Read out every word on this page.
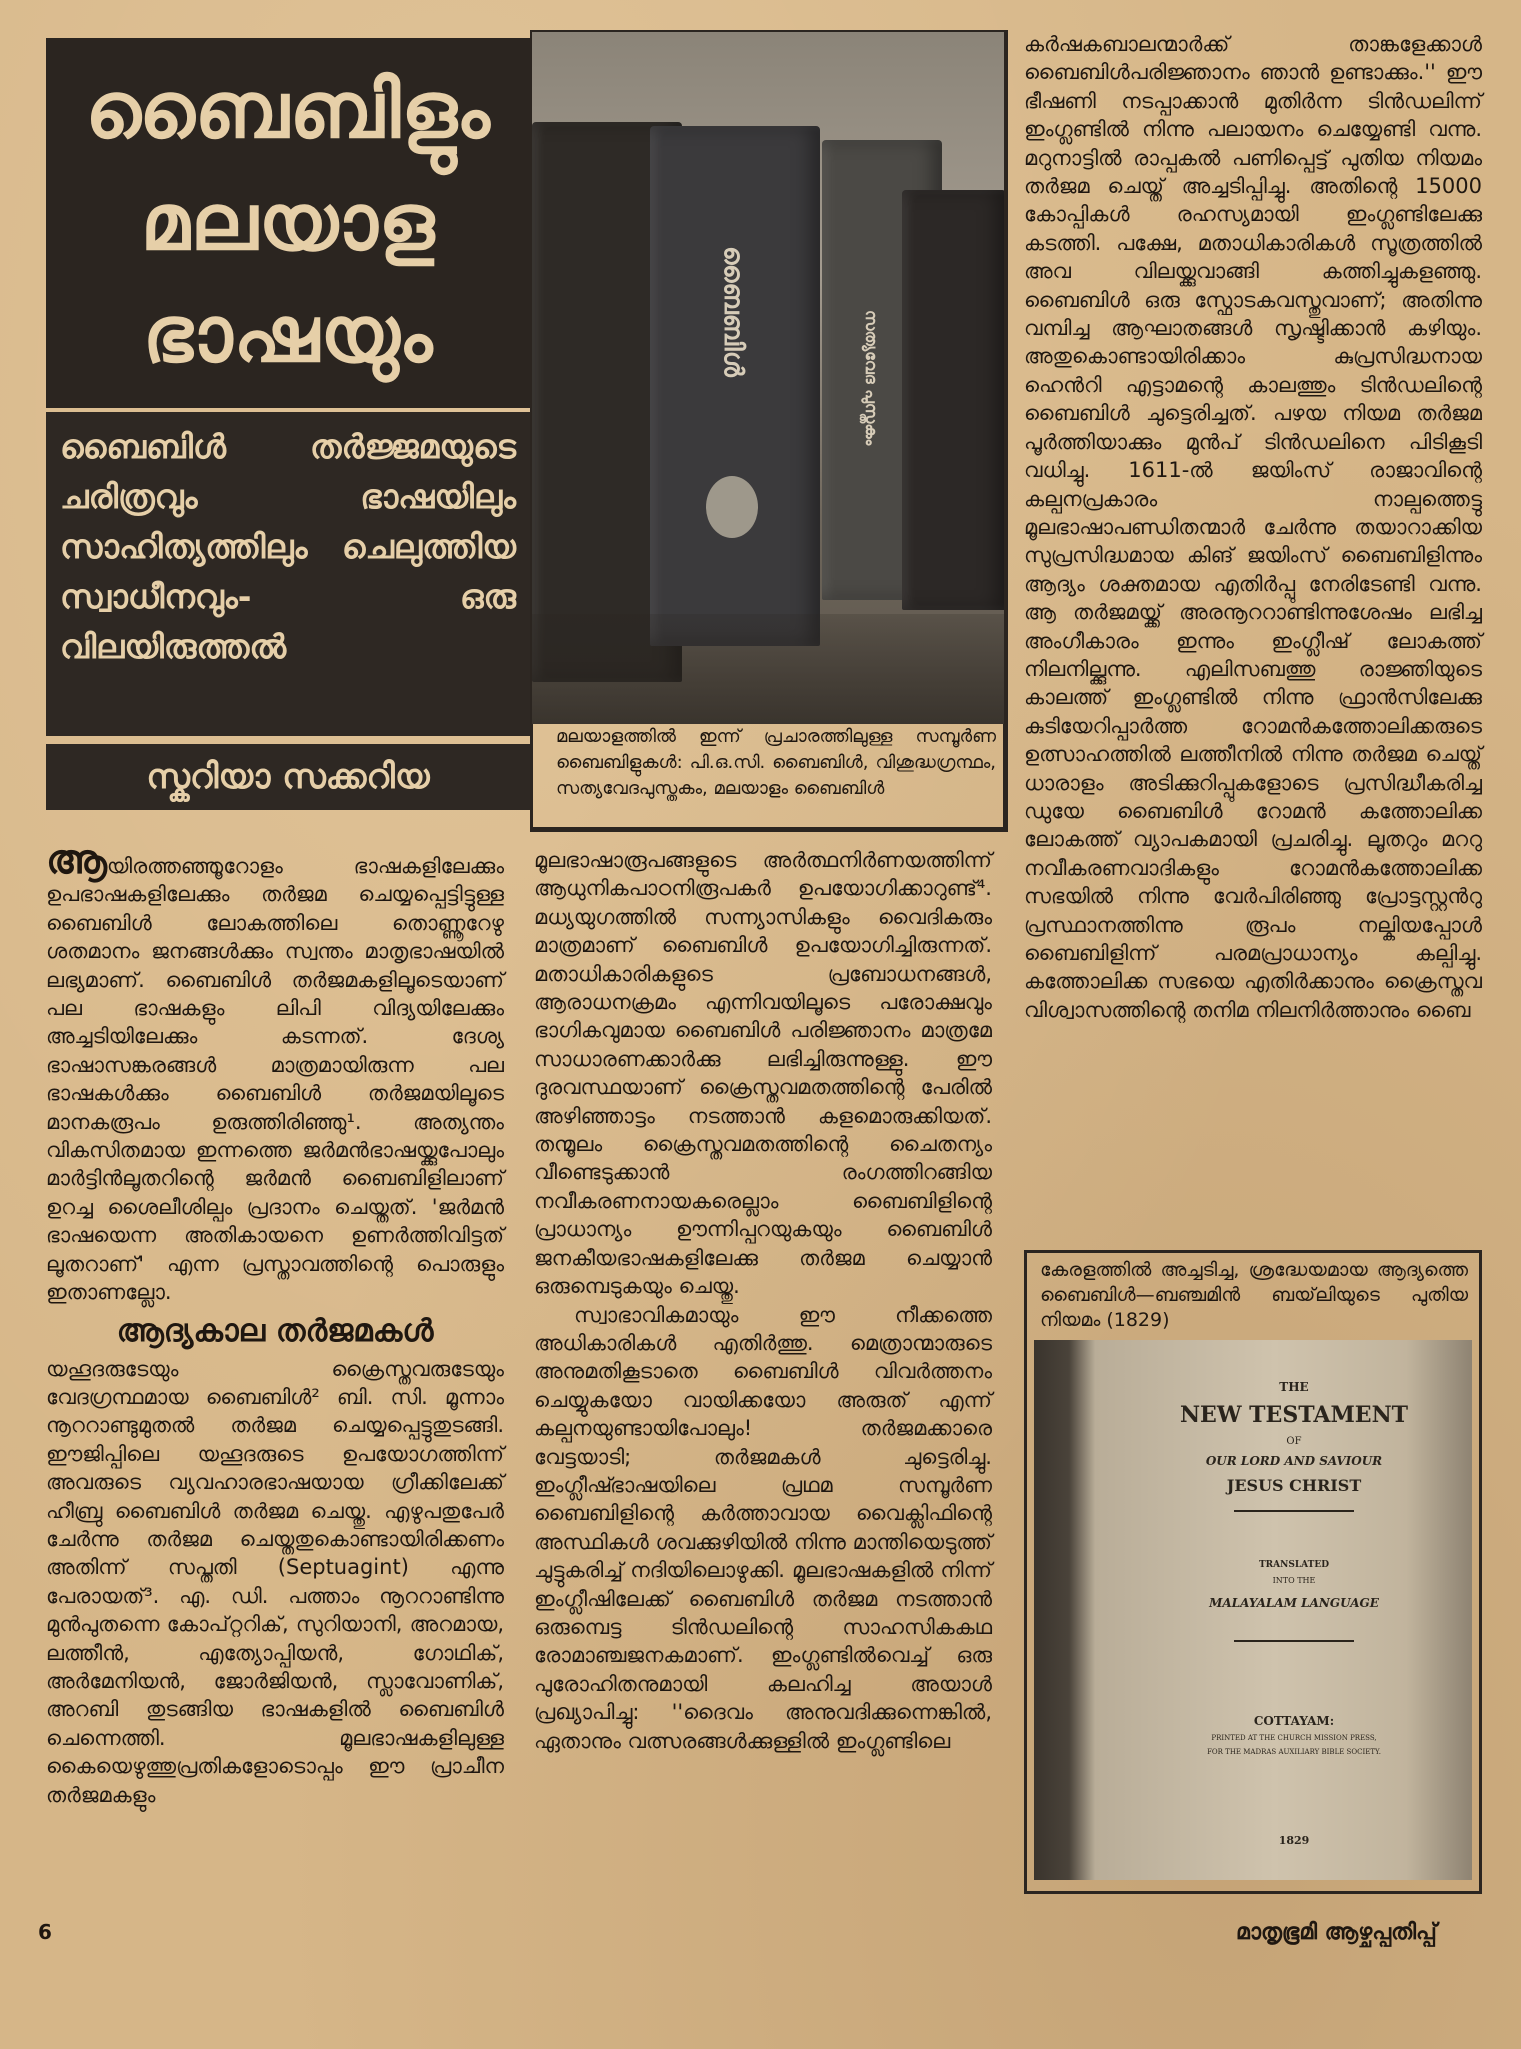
ബൈബിളും
മലയാള
ഭാഷയും

ബൈബിൾ തർജ്ജമയുടെ ചരിത്രവും ഭാഷയിലും സാഹിത്യത്തിലും ചെലുത്തിയ സ്വാധീനവും- ഒരു വിലയിരുത്തൽ

സ്കറിയാ സക്കറിയ
ബൈബിൾ	സത്യവേദ പുസ്തകം
മലയാളത്തിൽ ഇന്ന് പ്രചാരത്തിലുള്ള സമ്പൂർണ ബൈബിളുകൾ: പി.ഒ.സി. ബൈബിൾ, വിശുദ്ധഗ്രന്ഥം, സത്യവേദപുസ്തകം, മലയാളം ബൈബിൾ

ആയിരത്തഞ്ഞൂറോളം ഭാഷകളിലേക്കും ഉപഭാഷകളിലേക്കും തർജമ ചെയ്യപ്പെട്ടിട്ടുള്ള ബൈബിൾ ലോകത്തിലെ തൊണ്ണൂറേഴു ശതമാനം ജനങ്ങൾക്കും സ്വന്തം മാതൃഭാഷയിൽ ലഭ്യമാണ്. ബൈബിൾ തർജമകളിലൂടെയാണ് പല ഭാഷകളും ലിപി വിദ്യയിലേക്കും അച്ചടിയിലേക്കും കടന്നത്. ദേശ്യ ഭാഷാസങ്കരങ്ങൾ മാത്രമായിരുന്ന പല ഭാഷകൾക്കും ബൈബിൾ തർജമയിലൂടെ മാനകരൂപം ഉരുത്തിരിഞ്ഞു¹. അത്യന്തം വികസിതമായ ഇന്നത്തെ ജർമൻഭാഷയ്ക്കുപോലും മാർട്ടിൻലൂതറിന്റെ ജർമൻ ബൈബിളിലാണ് ഉറച്ച ശൈലീശില്പം പ്രദാനം ചെയ്തത്. 'ജർമൻ ഭാഷയെന്ന അതികായനെ ഉണർത്തിവിട്ടത് ലൂതറാണ്' എന്ന പ്രസ്താവത്തിന്റെ പൊരുളും ഇതാണല്ലോ.

ആദ്യകാല തർജമകൾ

യഹൂദരുടേയും ക്രൈസ്തവരുടേയും വേദഗ്രന്ഥമായ ബൈബിൾ² ബി. സി. മൂന്നാം നൂററാണ്ടുമുതൽ തർജമ ചെയ്യപ്പെട്ടുതുടങ്ങി. ഈജിപ്പിലെ യഹൂദരുടെ ഉപയോഗത്തിന്ന് അവരുടെ വ്യവഹാരഭാഷയായ ഗ്രീക്കിലേക്ക് ഹീബ്രു ബൈബിൾ തർജമ ചെയ്തു. എഴുപതുപേർ ചേർന്നു തർജമ ചെയ്തതുകൊണ്ടായിരിക്കണം അതിന്ന് സപ്തതി (Septuagint) എന്നു പേരായത്³. എ. ഡി. പത്താം നൂററാണ്ടിന്നു മുൻപുതന്നെ കോപ്റ്ററിക്, സുറിയാനി, അറമായ, ലത്തീൻ, എത്യോപ്പിയൻ, ഗോഥിക്, അർമേനിയൻ, ജോർജിയൻ, സ്ലാവോണിക്, അറബി തുടങ്ങിയ ഭാഷകളിൽ ബൈബിൾ ചെന്നെത്തി. മൂലഭാഷകളിലുള്ള കൈയെഴുത്തുപ്രതികളോടൊപ്പം ഈ പ്രാചീന തർജമകളും

മൂലഭാഷാരൂപങ്ങളുടെ അർത്ഥനിർണയത്തിന്ന് ആധുനികപാഠനിരൂപകർ ഉപയോഗിക്കാറുണ്ട്⁴. മധ്യയുഗത്തിൽ സന്ന്യാസികളും വൈദികരും മാത്രമാണ് ബൈബിൾ ഉപയോഗിച്ചിരുന്നത്. മതാധികാരികളുടെ പ്രബോധനങ്ങൾ, ആരാധനക്രമം എന്നിവയിലൂടെ പരോക്ഷവും ഭാഗികവുമായ ബൈബിൾ പരിജ്ഞാനം മാത്രമേ സാധാരണക്കാർക്കു ലഭിച്ചിരുന്നുള്ളു. ഈ ദുരവസ്ഥയാണ് ക്രൈസ്തവമതത്തിന്റെ പേരിൽ അഴിഞ്ഞാട്ടം നടത്താൻ കളമൊരുക്കിയത്. തന്മൂലം ക്രൈസ്തവമതത്തിന്റെ ചൈതന്യം വീണ്ടെടുക്കാൻ രംഗത്തിറങ്ങിയ നവീകരണനായകരെല്ലാം ബൈബിളിന്റെ പ്രാധാന്യം ഊന്നിപ്പറയുകയും ബൈബിൾ ജനകീയഭാഷകളിലേക്കു തർജമ ചെയ്യാൻ ഒരുമ്പെടുകയും ചെയ്തു.

സ്വാഭാവികമായും ഈ നീക്കത്തെ അധികാരികൾ എതിർത്തു. മെത്രാന്മാരുടെ അനുമതികൂടാതെ ബൈബിൾ വിവർത്തനം ചെയ്യുകയോ വായിക്കയോ അരുത് എന്ന് കല്പനയുണ്ടായിപോലും! തർജമക്കാരെ വേട്ടയാടി; തർജമകൾ ചുട്ടെരിച്ചു. ഇംഗ്ലീഷ്ഭാഷയിലെ പ്രഥമ സമ്പൂർണ ബൈബിളിന്റെ കർത്താവായ വൈക്ലിഫിന്റെ അസ്ഥികൾ ശവക്കുഴിയിൽ നിന്നു മാന്തിയെടുത്ത് ചുട്ടുകരിച്ച് നദിയിലൊഴുക്കി. മൂലഭാഷകളിൽ നിന്ന് ഇംഗ്ലീഷിലേക്ക് ബൈബിൾ തർജമ നടത്താൻ ഒരുമ്പെട്ട ടിൻഡലിന്റെ സാഹസികകഥ രോമാഞ്ചജനകമാണ്. ഇംഗ്ലണ്ടിൽവെച്ച് ഒരു പുരോഹിതനുമായി കലഹിച്ച അയാൾ പ്രഖ്യാപിച്ചു: ''ദൈവം അനുവദിക്കുന്നെങ്കിൽ, ഏതാനും വത്സരങ്ങൾക്കുള്ളിൽ ഇംഗ്ലണ്ടിലെ

കർഷകബാലന്മാർക്ക് താങ്കളേക്കാൾ ബൈബിൾപരിജ്ഞാനം ഞാൻ ഉണ്ടാക്കും.'' ഈ ഭീഷണി നടപ്പാക്കാൻ മുതിർന്ന ടിൻഡലിന്ന് ഇംഗ്ലണ്ടിൽ നിന്നു പലായനം ചെയ്യേണ്ടി വന്നു. മറുനാട്ടിൽ രാപ്പകൽ പണിപ്പെട്ട് പുതിയ നിയമം തർജമ ചെയ്ത് അച്ചടിപ്പിച്ചു. അതിന്റെ 15000 കോപ്പികൾ രഹസ്യമായി ഇംഗ്ലണ്ടിലേക്കു കടത്തി. പക്ഷേ, മതാധികാരികൾ സൂത്രത്തിൽ അവ വിലയ്ക്കുവാങ്ങി കത്തിച്ചുകളഞ്ഞു. ബൈബിൾ ഒരു സ്ഫോടകവസ്തുവാണ്; അതിന്നു വമ്പിച്ച ആഘാതങ്ങൾ സൃഷ്ടിക്കാൻ കഴിയും. അതുകൊണ്ടായിരിക്കാം കുപ്രസിദ്ധനായ ഹെൻറി എട്ടാമന്റെ കാലത്തും ടിൻഡലിന്റെ ബൈബിൾ ചുട്ടെരിച്ചത്. പഴയ നിയമ തർജമ പൂർത്തിയാക്കും മുൻപ് ടിൻഡലിനെ പിടികൂടി വധിച്ചു. 1611-ൽ ജയിംസ് രാജാവിന്റെ കല്പനപ്രകാരം നാല്പത്തെട്ടു മൂലഭാഷാപണ്ഡിതന്മാർ ചേർന്നു തയാറാക്കിയ സുപ്രസിദ്ധമായ കിങ് ജയിംസ് ബൈബിളിന്നും ആദ്യം ശക്തമായ എതിർപ്പു നേരിടേണ്ടി വന്നു. ആ തർജമയ്ക്ക് അരനൂററാണ്ടിന്നുശേഷം ലഭിച്ച അംഗീകാരം ഇന്നും ഇംഗ്ലീഷ് ലോകത്ത് നിലനില്ക്കുന്നു. എലിസബത്തു രാജ്ഞിയുടെ കാലത്ത് ഇംഗ്ലണ്ടിൽ നിന്നു ഫ്രാൻസിലേക്കു കുടിയേറിപ്പാർത്ത റോമൻകത്തോലിക്കരുടെ ഉത്സാഹത്തിൽ ലത്തീനിൽ നിന്നു തർജമ ചെയ്ത് ധാരാളം അടിക്കുറിപ്പുകളോടെ പ്രസിദ്ധീകരിച്ച ഡുയേ ബൈബിൾ റോമൻ കത്തോലിക്ക ലോകത്ത് വ്യാപകമായി പ്രചരിച്ചു. ലൂതറും മററു നവീകരണവാദികളും റോമൻകത്തോലിക്ക സഭയിൽ നിന്നു വേർപിരിഞ്ഞു പ്രോട്ടസ്റ്റൻറു പ്രസ്ഥാനത്തിന്നു രൂപം നല്കിയപ്പോൾ ബൈബിളിന്ന് പരമപ്രാധാന്യം കല്പിച്ചു. കത്തോലിക്ക സഭയെ എതിർക്കാനും ക്രൈസ്തവ വിശ്വാസത്തിന്റെ തനിമ നിലനിർത്താനും ബൈ

കേരളത്തിൽ അച്ചടിച്ച, ശ്രദ്ധേയമായ ആദ്യത്തെ ബൈബിൾ—ബഞ്ചമിൻ ബയ്‌ലിയുടെ പുതിയ നിയമം (1829)
THE
NEW TESTAMENT
OF
OUR LORD AND SAVIOUR
JESUS CHRIST
TRANSLATED
INTO THE
MALAYALAM LANGUAGE
COTTAYAM:
PRINTED AT THE CHURCH MISSION PRESS,
FOR THE MADRAS AUXILIARY BIBLE SOCIETY.
1829
6	മാതൃഭൂമി ആഴ്ചപ്പതിപ്പ്
